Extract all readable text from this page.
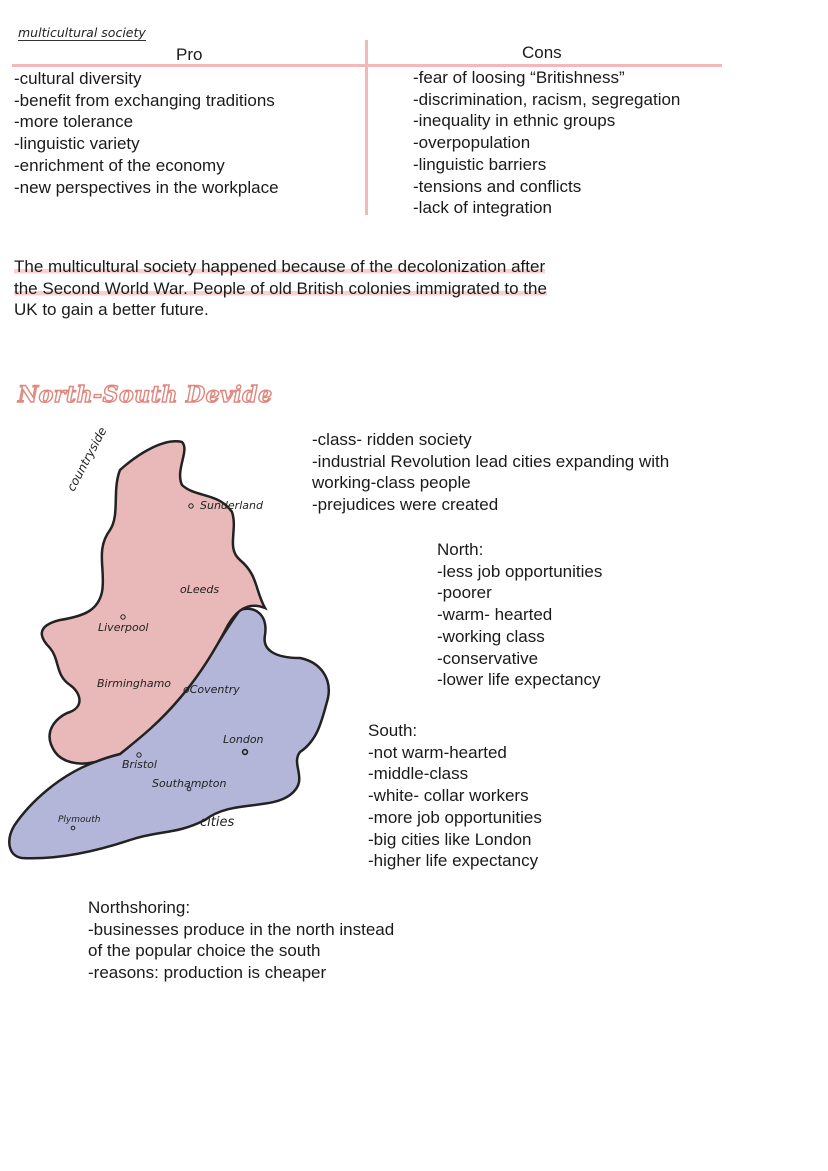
multicultural society
Pro	Cons
-cultural diversity
-benefit from exchanging traditions
-more tolerance
-linguistic variety
-enrichment of the economy
-new perspectives in the workplace
-fear of loosing “Britishness”
-discrimination, racism, segregation
-inequality in ethnic groups
-overpopulation
-linguistic barriers
-tensions and conflicts
-lack of integration
The multicultural society happened because of the decolonization after
the Second World War. People of old British colonies immigrated to the
UK to gain a better future.
North-South Devide
-class- ridden society
-industrial Revolution lead cities expanding with
working-class people
-prejudices were created
North:
-less job opportunities
-poorer
-warm- hearted
-working class
-conservative
-lower life expectancy
South:
-not warm-hearted
-middle-class
-white- collar workers
-more job opportunities
-big cities like London
-higher life expectancy
Northshoring:
-businesses produce in the north instead
of the popular choice the south
-reasons: production is cheaper
countryside
Sunderland
oLeeds
Liverpool
Birminghamo oCoventry
London
Bristol
Southampton
Plymouth	cities
